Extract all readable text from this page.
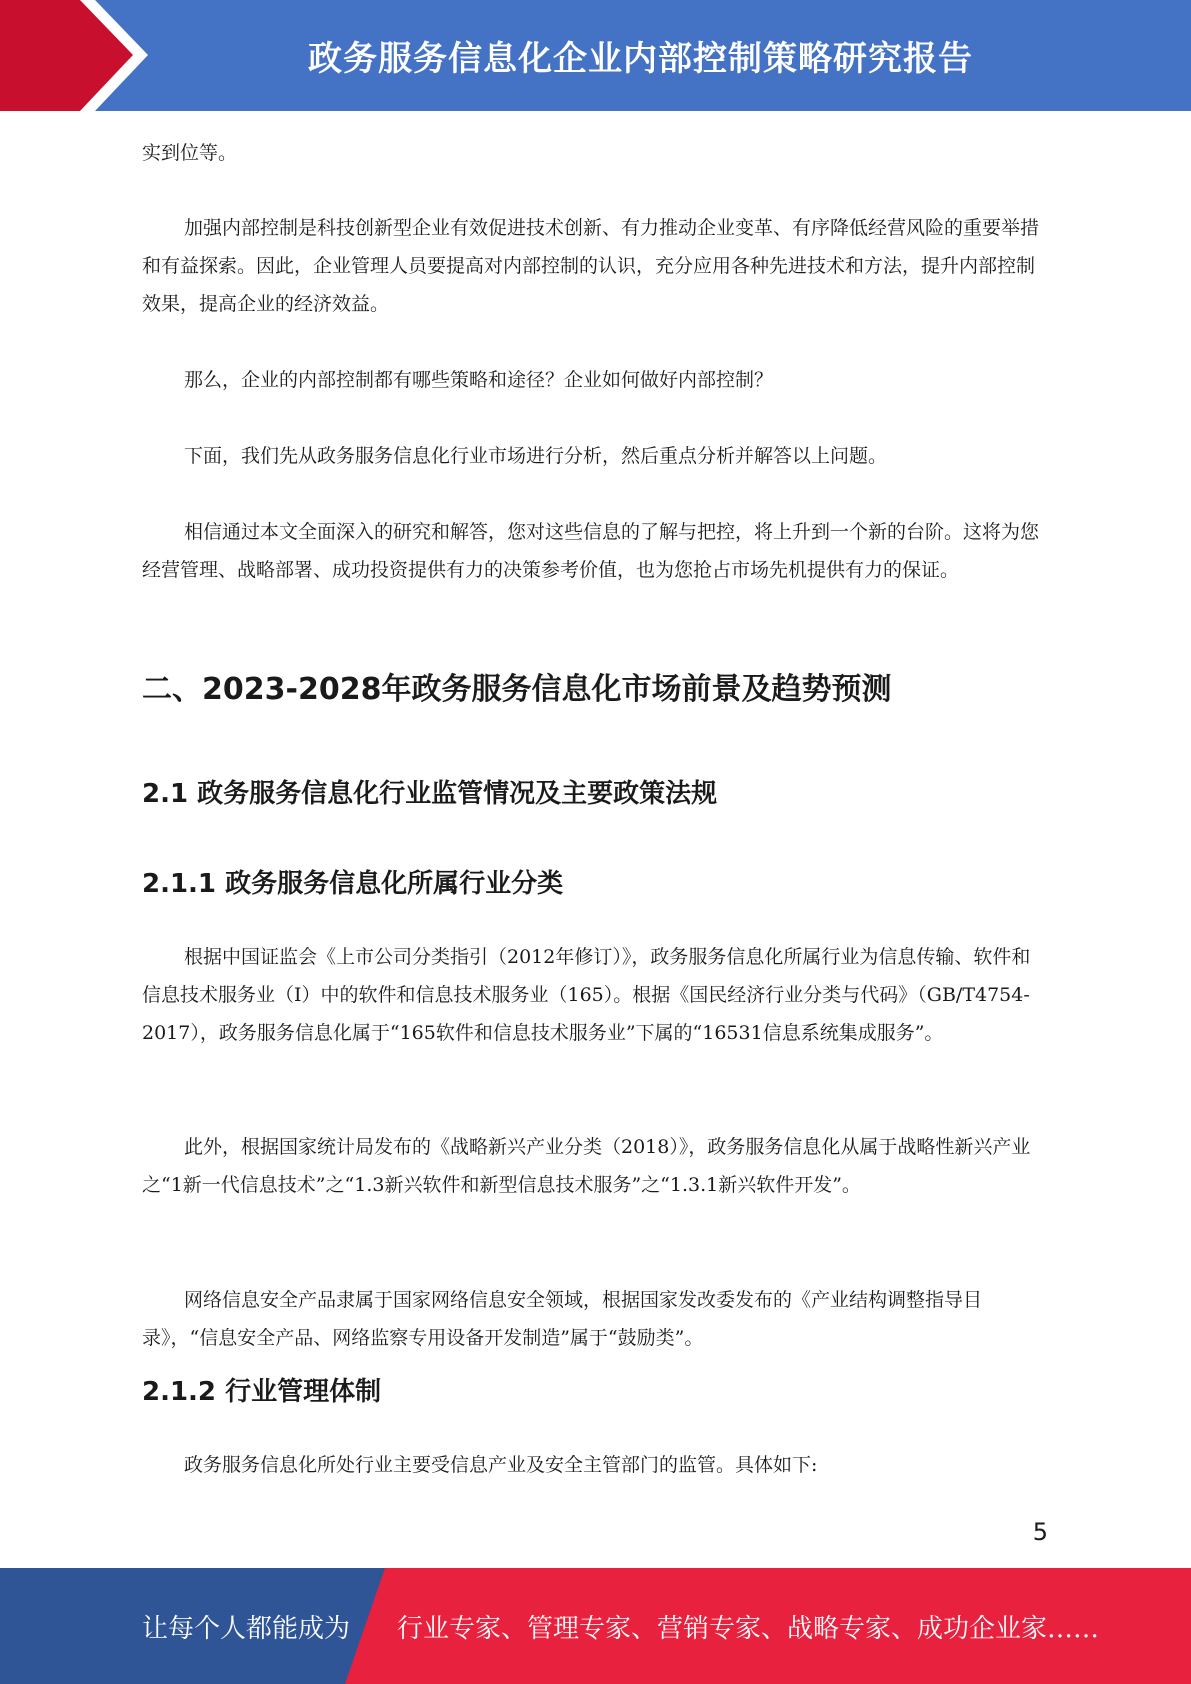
政务服务信息化企业内部控制策略研究报告

实到位等。

加强内部控制是科技创新型企业有效促进技术创新、有力推动企业变革、有序降低经营风险的重要举措和有益探索。因此，企业管理人员要提高对内部控制的认识，充分应用各种先进技术和方法，提升内部控制效果，提高企业的经济效益。

那么，企业的内部控制都有哪些策略和途径？企业如何做好内部控制？

下面，我们先从政务服务信息化行业市场进行分析，然后重点分析并解答以上问题。

相信通过本文全面深入的研究和解答，您对这些信息的了解与把控，将上升到一个新的台阶。这将为您经营管理、战略部署、成功投资提供有力的决策参考价值，也为您抢占市场先机提供有力的保证。

二、2023-2028年政务服务信息化市场前景及趋势预测
2.1 政务服务信息化行业监管情况及主要政策法规
2.1.1 政务服务信息化所属行业分类

根据中国证监会《上市公司分类指引（2012年修订）》，政务服务信息化所属行业为信息传输、软件和信息技术服务业（I）中的软件和信息技术服务业（165）。根据《国民经济行业分类与代码》（GB/T4754-2017），政务服务信息化属于“165软件和信息技术服务业”下属的“16531信息系统集成服务”。

此外，根据国家统计局发布的《战略新兴产业分类（2018）》，政务服务信息化从属于战略性新兴产业之“1新一代信息技术”之“1.3新兴软件和新型信息技术服务”之“1.3.1新兴软件开发”。

网络信息安全产品隶属于国家网络信息安全领域，根据国家发改委发布的《产业结构调整指导目录》，“信息安全产品、网络监察专用设备开发制造”属于“鼓励类”。

2.1.2 行业管理体制

政务服务信息化所处行业主要受信息产业及安全主管部门的监管。具体如下:

5
让每个人都能成为 行业专家、管理专家、营销专家、战略专家、成功企业家……
